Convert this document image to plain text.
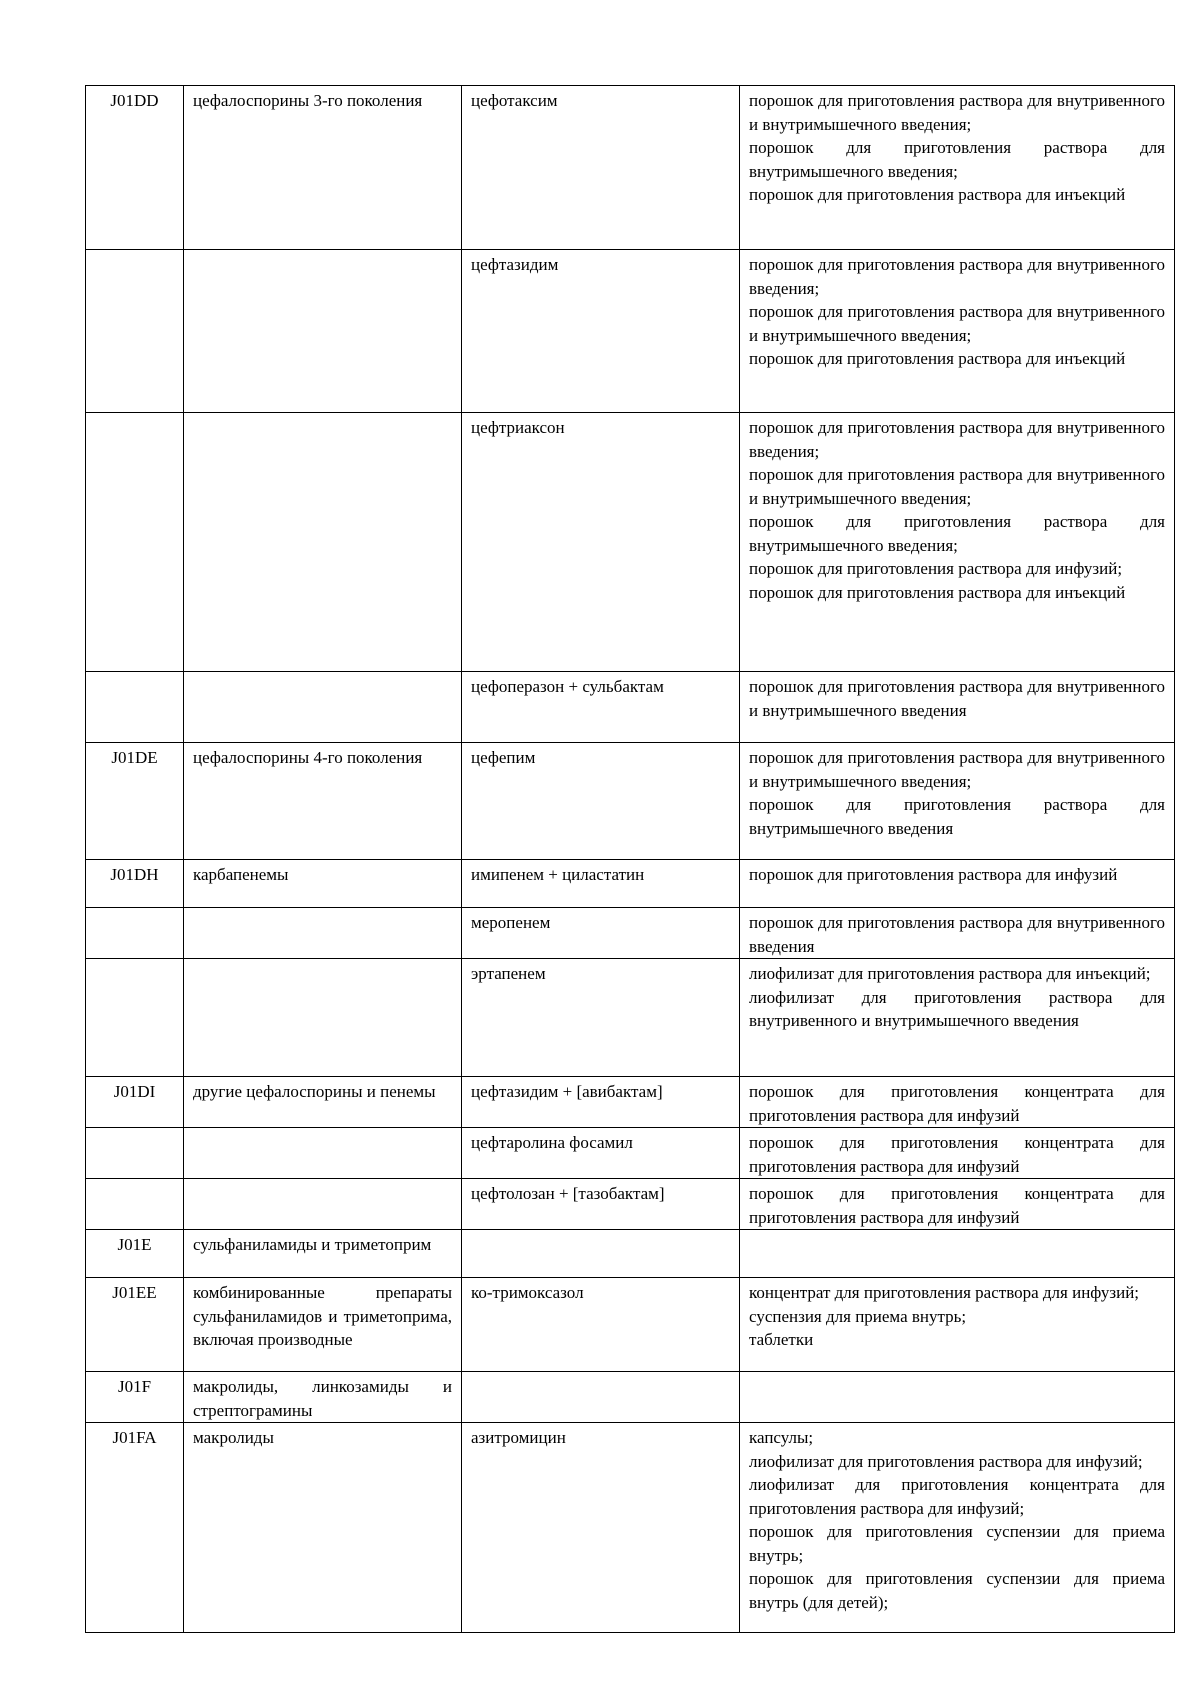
J01DD	цефалоспорины 3-го поколения	цефотаксим	порошок для приготовления раствора для внутривенного и внутримышечного введения;
порошок для приготовления раствора для внутримышечного введения;
порошок для приготовления раствора для инъекций

		цефтазидим	порошок для приготовления раствора для внутривенного введения;
порошок для приготовления раствора для внутривенного и внутримышечного введения;
порошок для приготовления раствора для инъекций

		цефтриаксон	порошок для приготовления раствора для внутривенного введения;
порошок для приготовления раствора для внутривенного и внутримышечного введения;
порошок для приготовления раствора для внутримышечного введения;
порошок для приготовления раствора для инфузий;
порошок для приготовления раствора для инъекций

		цефоперазон + сульбактам	порошок для приготовления раствора для внутривенного и внутримышечного введения

J01DE	цефалоспорины 4-го поколения	цефепим	порошок для приготовления раствора для внутривенного и внутримышечного введения;
порошок для приготовления раствора для внутримышечного введения

J01DH	карбапенемы	имипенем + циластатин	порошок для приготовления раствора для инфузий

		меропенем	порошок для приготовления раствора для внутривенного введения

		эртапенем	лиофилизат для приготовления раствора для инъекций;
лиофилизат для приготовления раствора для внутривенного и внутримышечного введения

J01DI	другие цефалоспорины и пенемы	цефтазидим + [авибактам]	порошок для приготовления концентрата для приготовления раствора для инфузий

		цефтаролина фосамил	порошок для приготовления концентрата для приготовления раствора для инфузий

		цефтолозан + [тазобактам]	порошок для приготовления концентрата для приготовления раствора для инфузий

J01E	сульфаниламиды и триметоприм		
J01EE	комбинированные препараты сульфаниламидов и триметоприма, включая производные	ко-тримоксазол	концентрат для приготовления раствора для инфузий;
суспензия для приема внутрь;
таблетки

J01F	макролиды, линкозамиды и стрептограмины		
J01FA	макролиды	азитромицин	капсулы;
лиофилизат для приготовления раствора для инфузий;
лиофилизат для приготовления концентрата для приготовления раствора для инфузий;
порошок для приготовления суспензии для приема внутрь;
порошок для приготовления суспензии для приема внутрь (для детей);
